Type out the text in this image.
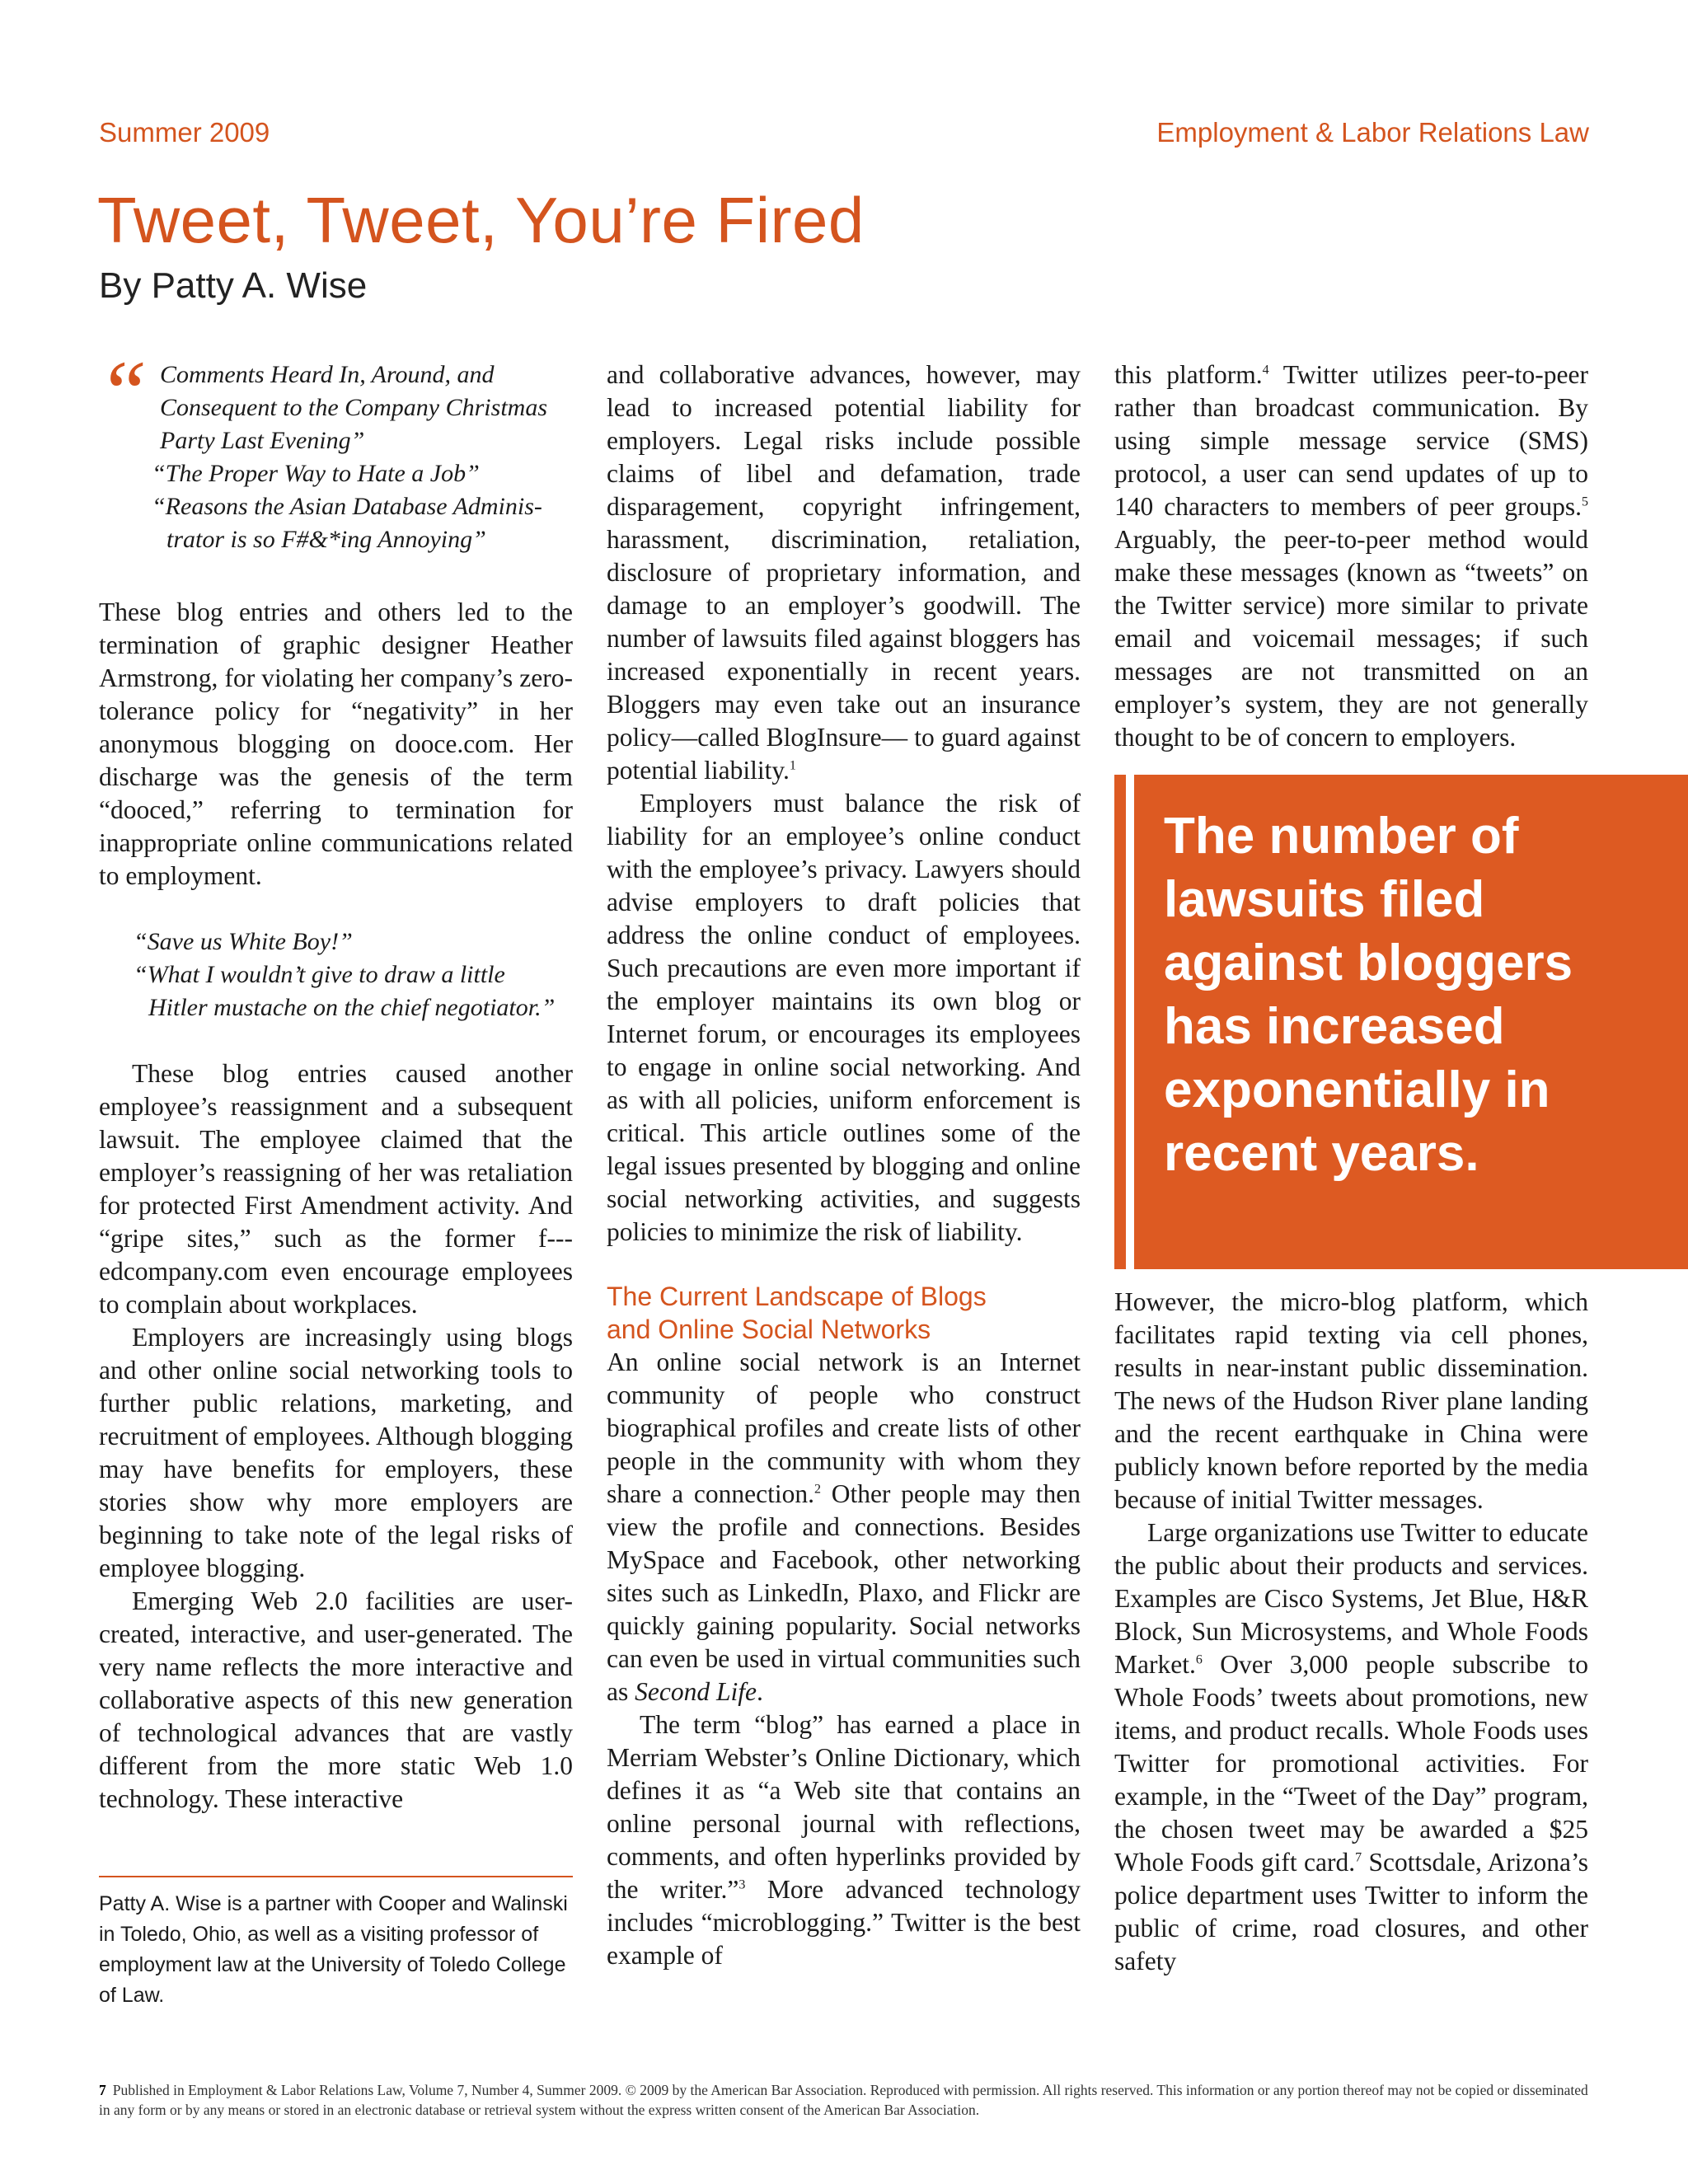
Summer 2009	Employment & Labor Relations Law
Tweet, Tweet, You’re Fired
By Patty A. Wise
“ Comments Heard In, Around, and
Consequent to the Company Christmas
Party Last Evening”
“The Proper Way to Hate a Job”
“Reasons the Asian Database Adminis-
trator is so F#&*ing Annoying”

These blog entries and others led to the termination of graphic designer Heather Armstrong, for violating her company’s zero-tolerance policy for “negativity” in her anonymous blogging on dooce.com. Her discharge was the genesis of the term “dooced,” referring to termination for inappropriate online communications related to employment.

“Save us White Boy!”
“What I wouldn’t give to draw a little
Hitler mustache on the chief negotiator.”

These blog entries caused another employee’s reassignment and a subsequent lawsuit. The employee claimed that the employer’s reassigning of her was retaliation for protected First Amendment activity. And “gripe sites,” such as the former f---edcompany.com even encourage employees to complain about workplaces.

Employers are increasingly using blogs and other online social networking tools to further public relations, marketing, and recruitment of employees. Although blogging may have benefits for employers, these stories show why more employers are beginning to take note of the legal risks of employee blogging.

Emerging Web 2.0 facilities are user-created, interactive, and user-generated. The very name reflects the more interactive and collaborative aspects of this new generation of technological advances that are vastly different from the more static Web 1.0 technology. These interactive

Patty A. Wise is a partner with Cooper and Walinski in Toledo, Ohio, as well as a visiting professor of employment law at the University of Toledo College of Law.

and collaborative advances, however, may lead to increased potential liability for employers. Legal risks include possible claims of libel and defamation, trade disparagement, copyright infringement, harassment, discrimination, retaliation, disclosure of proprietary information, and damage to an employer’s goodwill. The number of lawsuits filed against bloggers has increased exponentially in recent years. Bloggers may even take out an insurance policy—called BlogInsure— to guard against potential liability.$^1$

Employers must balance the risk of liability for an employee’s online conduct with the employee’s privacy. Lawyers should advise employers to draft policies that address the online conduct of employees. Such precautions are even more important if the employer maintains its own blog or Internet forum, or encourages its employees to engage in online social networking. And as with all policies, uniform enforcement is critical. This article outlines some of the legal issues presented by blogging and online social networking activities, and suggests policies to minimize the risk of liability.

The Current Landscape of Blogs
and Online Social Networks

An online social network is an Internet community of people who construct biographical profiles and create lists of other people in the community with whom they share a connection.$^2$ Other people may then view the profile and connections. Besides MySpace and Facebook, other networking sites such as LinkedIn, Plaxo, and Flickr are quickly gaining popularity. Social networks can even be used in virtual communities such as Second Life.

The term “blog” has earned a place in Merriam Webster’s Online Dictionary, which defines it as “a Web site that contains an online personal journal with reflections, comments, and often hyperlinks provided by the writer.”$^3$ More advanced technology includes “microblogging.” Twitter is the best example of

this platform.$^4$ Twitter utilizes peer-to-peer rather than broadcast communication. By using simple message service (SMS) protocol, a user can send updates of up to 140 characters to members of peer groups.$^5$ Arguably, the peer-to-peer method would make these messages (known as “tweets” on the Twitter service) more similar to private email and voicemail messages; if such messages are not transmitted on an employer’s system, they are not generally thought to be of concern to employers.

The number of lawsuits filed against bloggers has increased exponentially in recent years.

However, the micro-blog platform, which facilitates rapid texting via cell phones, results in near-instant public dissemination. The news of the Hudson River plane landing and the recent earthquake in China were publicly known before reported by the media because of initial Twitter messages.

Large organizations use Twitter to educate the public about their products and services. Examples are Cisco Systems, Jet Blue, H&R Block, Sun Microsystems, and Whole Foods Market.$^6$ Over 3,000 people subscribe to Whole Foods’ tweets about promotions, new items, and product recalls. Whole Foods uses Twitter for promotional activities. For example, in the “Tweet of the Day” program, the chosen tweet may be awarded a $25 Whole Foods gift card.$^7$ Scottsdale, Arizona’s police department uses Twitter to inform the public of crime, road closures, and other safety

7 Published in Employment & Labor Relations Law, Volume 7, Number 4, Summer 2009. © 2009 by the American Bar Association. Reproduced with permission. All rights reserved. This information or any portion thereof may not be copied or disseminated in any form or by any means or stored in an electronic database or retrieval system without the express written consent of the American Bar Association.
